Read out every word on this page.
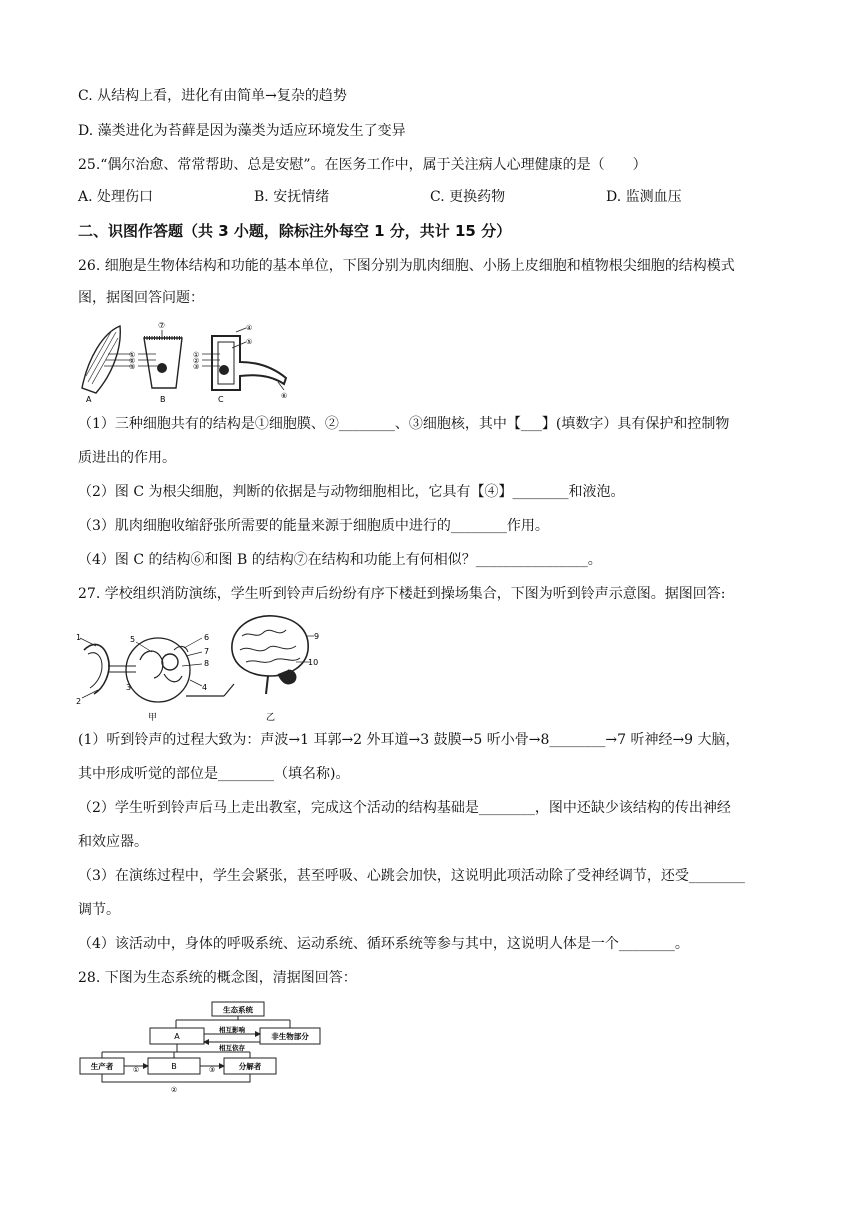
C. 从结构上看，进化有由简单→复杂的趋势
D. 藻类进化为苔藓是因为藻类为适应环境发生了变异
25.“偶尔治愈、常常帮助、总是安慰”。在医务工作中，属于关注病人心理健康的是（　　）
A. 处理伤口	B. 安抚情绪	C. 更换药物	D. 监测血压
二、识图作答题（共 3 小题，除标注外每空 1 分，共计 15 分）
26. 细胞是生物体结构和功能的基本单位，下图分别为肌肉细胞、小肠上皮细胞和植物根尖细胞的结构模式
图，据图回答问题：
A
①
②
③
⑦
B
①
②
③
④
⑤
⑥
C
（1）三种细胞共有的结构是①细胞膜、②________、③细胞核，其中【___】(填数字）具有保护和控制物
质进出的作用。
（2）图 C 为根尖细胞，判断的依据是与动物细胞相比，它具有【④】________和液泡。
（3）肌肉细胞收缩舒张所需要的能量来源于细胞质中进行的________作用。
（4）图 C 的结构⑥和图 B 的结构⑦在结构和功能上有何相似？________________。
27. 学校组织消防演练，学生听到铃声后纷纷有序下楼赶到操场集合，下图为听到铃声示意图。据图回答:
1
2
3	4
5	6
7
8
9
10
甲	乙
(1）听到铃声的过程大致为：声波→1 耳郭→2 外耳道→3 鼓膜→5 听小骨→8________→7 听神经→9 大脑，
其中形成听觉的部位是________（填名称)。
（2）学生听到铃声后马上走出教室，完成这个活动的结构基础是________，图中还缺少该结构的传出神经
和效应器。
（3）在演练过程中，学生会紧张，甚至呼吸、心跳会加快，这说明此项活动除了受神经调节，还受________
调节。
（4）该活动中，身体的呼吸系统、运动系统、循环系统等参与其中，这说明人体是一个________。
28. 下图为生态系统的概念图，清据图回答：
生态系统
A	非生物部分
相互影响
相互依存
生产者	B	分解者
①	③
②
